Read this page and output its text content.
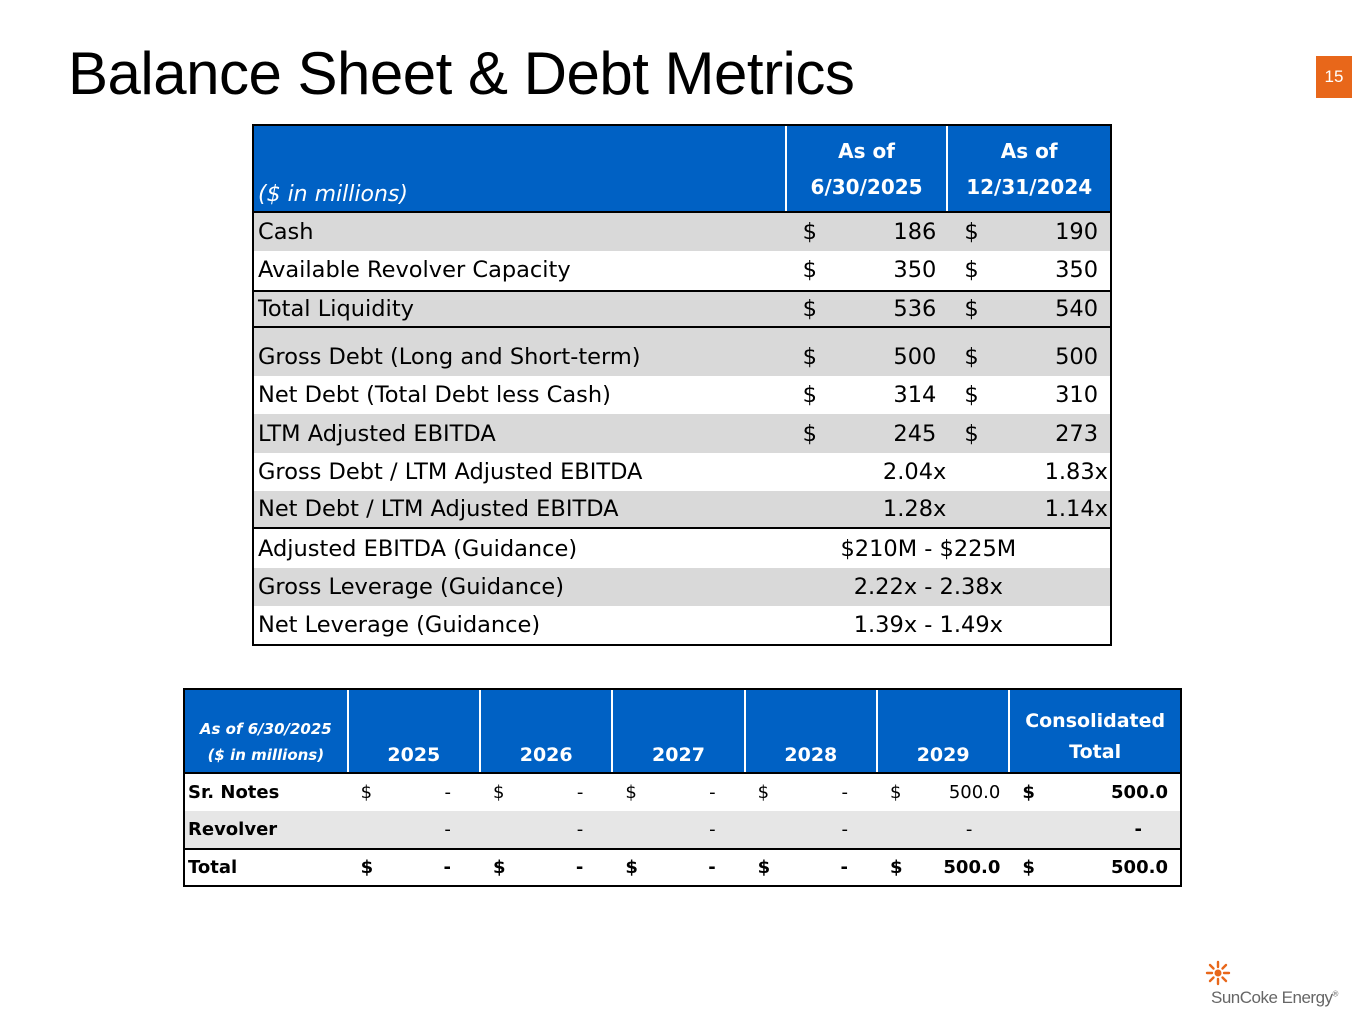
Balance Sheet & Debt Metrics	15
($ in millions)
As of
6/30/2025
As of
12/31/2024
Cash	$	186 $	190
Available Revolver Capacity	$	350 $	350
Total Liquidity	$	536 $	540
Gross Debt (Long and Short-term)	$	500 $	500
Net Debt (Total Debt less Cash)	$	314 $	310
LTM Adjusted EBITDA	$	245 $	273
Gross Debt / LTM Adjusted EBITDA	2.04x	1.83x
Net Debt / LTM Adjusted EBITDA	1.28x	1.14x
Adjusted EBITDA (Guidance)	$210M - $225M
Gross Leverage (Guidance)	2.22x - 2.38x
Net Leverage (Guidance)	1.39x - 1.49x
As of 6/30/2025
($ in millions)	2025	2026	2027	2028	2029
Consolidated
Total
Sr. Notes	$	- $	- $	- $	- $	500.0 $	500.0
Revolver	-	-	-	-	-	-
Total	$	- $	- $	- $	- $ 500.0 $	500.0
SunCoke Energy®
